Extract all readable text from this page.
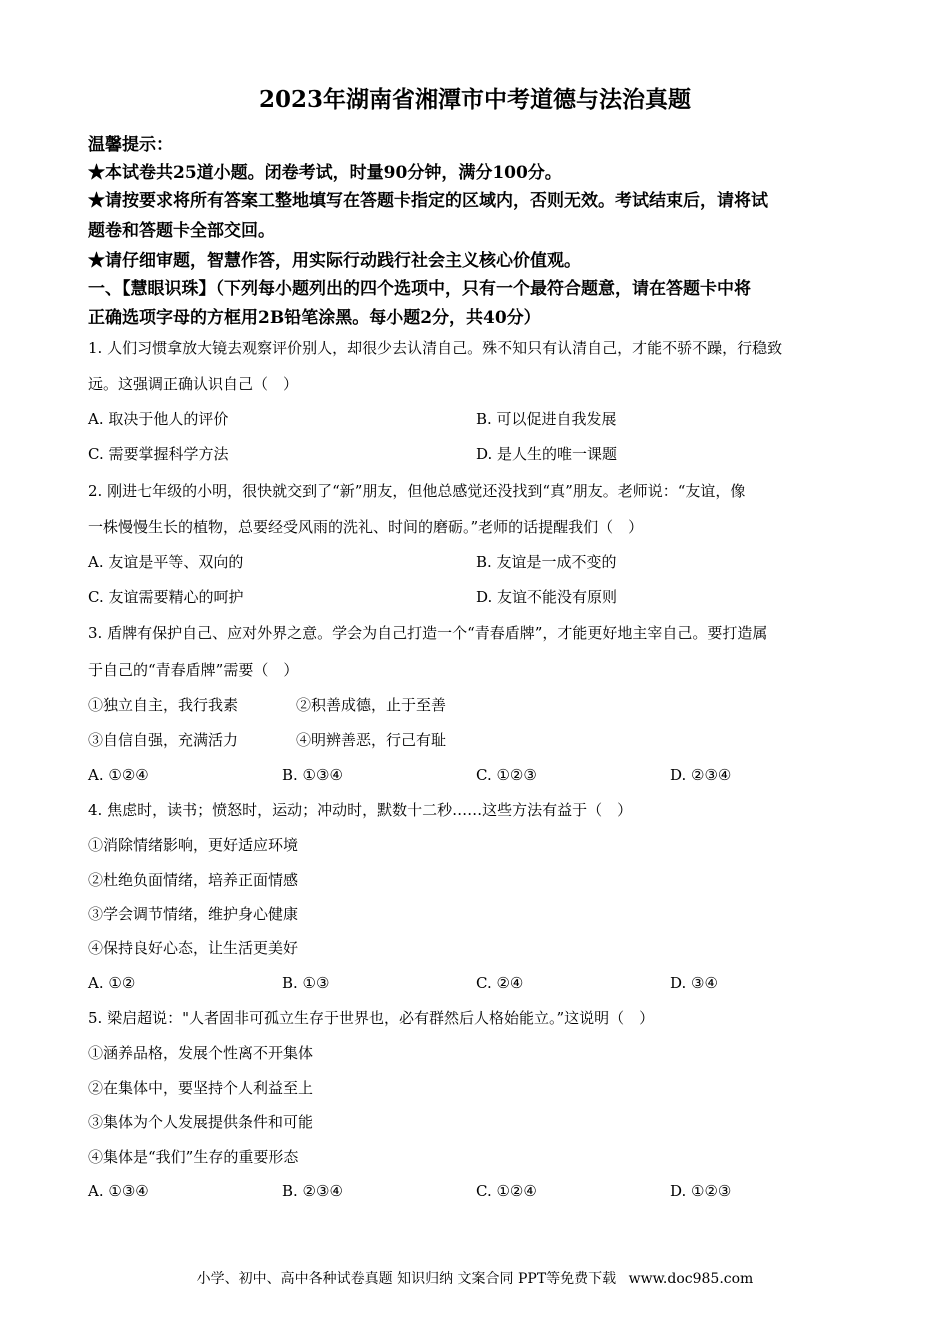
2023年湖南省湘潭市中考道德与法治真题
温馨提示：
★本试卷共25道小题。闭卷考试，时量90分钟，满分100分。
★请按要求将所有答案工整地填写在答题卡指定的区域内，否则无效。考试结束后，请将试
题卷和答题卡全部交回。
★请仔细审题，智慧作答，用实际行动践行社会主义核心价值观。
一、【慧眼识珠】（下列每小题列出的四个选项中，只有一个最符合题意，请在答题卡中将
正确选项字母的方框用2B铅笔涂黑。每小题2分，共40分）
1. 人们习惯拿放大镜去观察评价别人，却很少去认清自己。殊不知只有认清自己，才能不骄不躁，行稳致
远。这强调正确认识自己（　）
A. 取决于他人的评价	B. 可以促进自我发展
C. 需要掌握科学方法	D. 是人生的唯一课题
2. 刚进七年级的小明，很快就交到了“新”朋友，但他总感觉还没找到“真”朋友。老师说：“友谊，像
一株慢慢生长的植物，总要经受风雨的洗礼、时间的磨砺。”老师的话提醒我们（　）
A. 友谊是平等、双向的	B. 友谊是一成不变的
C. 友谊需要精心的呵护	D. 友谊不能没有原则
3. 盾牌有保护自己、应对外界之意。学会为自己打造一个“青春盾牌”，才能更好地主宰自己。要打造属
于自己的“青春盾牌”需要（　）
①独立自主，我行我素	②积善成德，止于至善
③自信自强，充满活力	④明辨善恶，行己有耻
A. ①②④	B. ①③④	C. ①②③	D. ②③④
4. 焦虑时，读书；愤怒时，运动；冲动时，默数十二秒……这些方法有益于（　）
①消除情绪影响，更好适应环境
②杜绝负面情绪，培养正面情感
③学会调节情绪，维护身心健康
④保持良好心态，让生活更美好
A. ①②	B. ①③	C. ②④	D. ③④
5. 梁启超说："人者固非可孤立生存于世界也，必有群然后人格始能立。”这说明（　）
①涵养品格，发展个性离不开集体
②在集体中，要坚持个人利益至上
③集体为个人发展提供条件和可能
④集体是“我们”生存的重要形态
A. ①③④	B. ②③④	C. ①②④	D. ①②③
小学、初中、高中各种试卷真题 知识归纳 文案合同 PPT等免费下载 www.doc985.com
